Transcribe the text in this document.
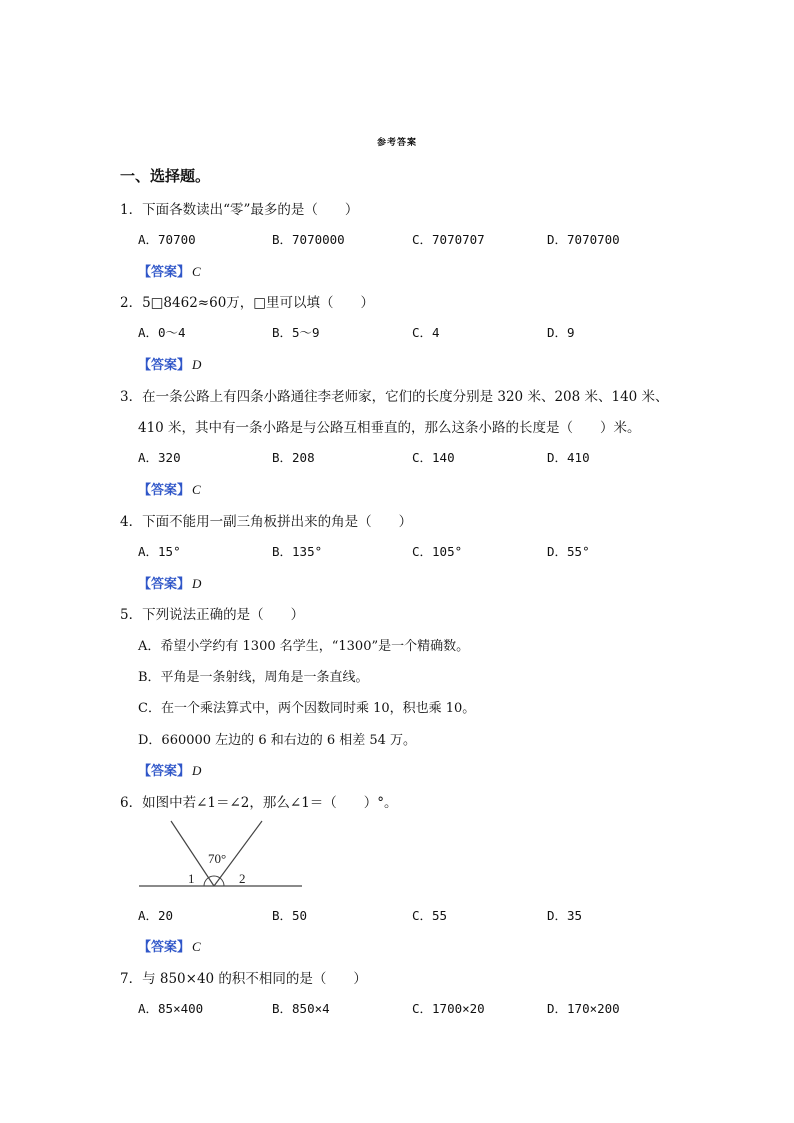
参考答案
一、选择题。
1．下面各数读出“零”最多的是（　　）
A．70700	B．7070000	C．7070707	D．7070700
【答案】 C
2．5□8462≈60万，□里可以填（　　）
A．0～4	B．5～9	C．4	D．9
【答案】 D
3．在一条公路上有四条小路通往李老师家，它们的长度分别是 320 米、208 米、140 米、
410 米，其中有一条小路是与公路互相垂直的，那么这条小路的长度是（　　）米。
A．320	B．208	C．140	D．410
【答案】 C
4．下面不能用一副三角板拼出来的角是（　　）
A．15°	B．135°	C．105°	D．55°
【答案】 D
5．下列说法正确的是（　　）
A．希望小学约有 1300 名学生，“1300”是一个精确数。
B．平角是一条射线，周角是一条直线。
C．在一个乘法算式中，两个因数同时乘 10，积也乘 10。
D．660000 左边的 6 和右边的 6 相差 54 万。
【答案】 D
6．如图中若∠1＝∠2，那么∠1＝（　　）°。
70°
1	2
A．20	B．50	C．55	D．35
【答案】 C
7．与 850×40 的积不相同的是（　　）
A．85×400	B．850×4	C．1700×20	D．170×200
